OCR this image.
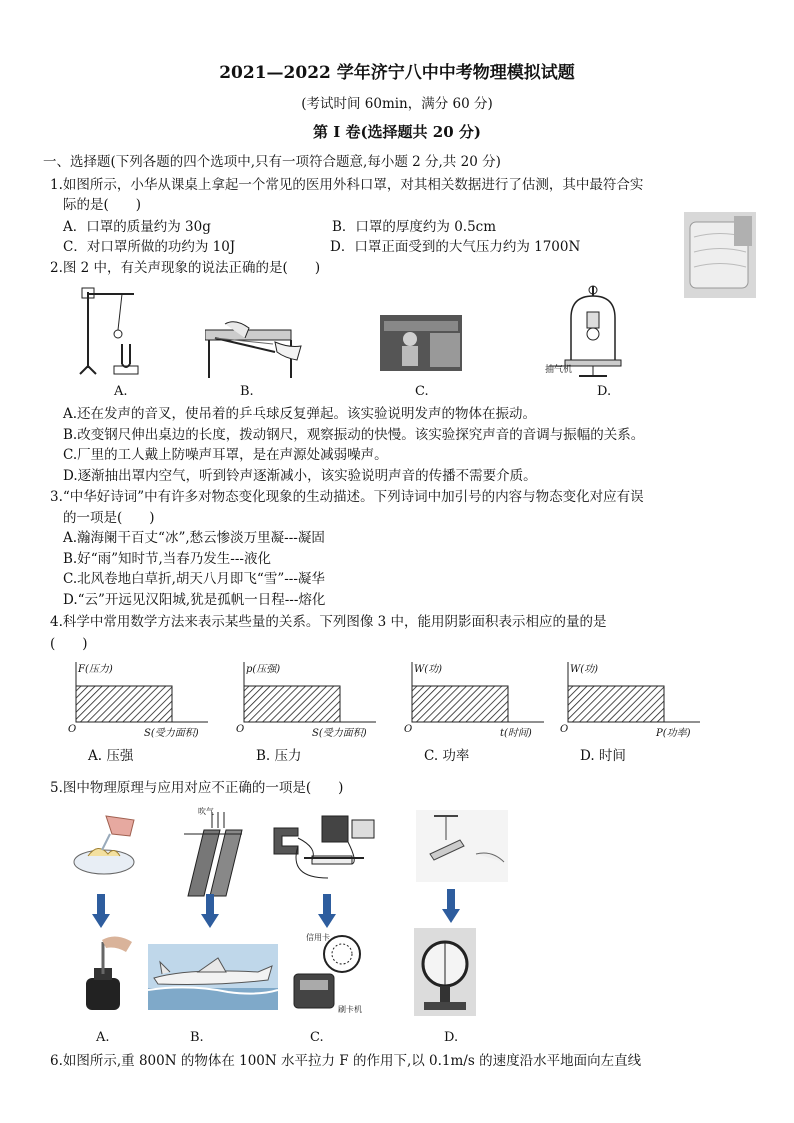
2021—2022 学年济宁八中中考物理模拟试题
(考试时间 60min，满分 60 分)
第 I 卷(选择题共 20 分)
一、选择题(下列各题的四个选项中,只有一项符合题意,每小题 2 分,共 20 分)
1.如图所示，小华从课桌上拿起一个常见的医用外科口罩，对其相关数据进行了估测，其中最符合实
际的是(　　)
A．口罩的质量约为 30g	B．口罩的厚度约为 0.5cm
C．对口罩所做的功约为 10J	D．口罩正面受到的大气压力约为 1700N
2.图 2 中，有关声现象的说法正确的是(　　)
A.	B.	C.
抽气机
D.
A.还在发声的音叉，使吊着的乒乓球反复弹起。该实验说明发声的物体在振动。
B.改变钢尺伸出桌边的长度，拨动钢尺，观察振动的快慢。该实验探究声音的音调与振幅的关系。
C.厂里的工人戴上防噪声耳罩，是在声源处减弱噪声。
D.逐渐抽出罩内空气，听到铃声逐渐减小，该实验说明声音的传播不需要介质。
3.“中华好诗词”中有许多对物态变化现象的生动描述。下列诗词中加引号的内容与物态变化对应有误
的一项是(　　)
A.瀚海阑干百丈“冰”,愁云惨淡万里凝---凝固
B.好“雨”知时节,当春乃发生---液化
C.北风卷地白草折,胡天八月即飞“雪”---凝华
D.“云”开远见汉阳城,犹是孤帆一日程---熔化
4.科学中常用数学方法来表示某些量的关系。下列图像 3 中，能用阴影面积表示相应的量的是
(　　)
F(压力)
S(受力面积)
O
A. 压强
p(压强)
S(受力面积)
O
B. 压力
W(功)
t(时间)
O
C. 功率
W(功)
P(功率)
O
D. 时间
5.图中物理原理与应用对应不正确的一项是(　　)
吹气
信用卡
刷卡机
A.	B.	C.	D.
6.如图所示,重 800N 的物体在 100N 水平拉力 F 的作用下,以 0.1m/s 的速度沿水平地面向左直线
